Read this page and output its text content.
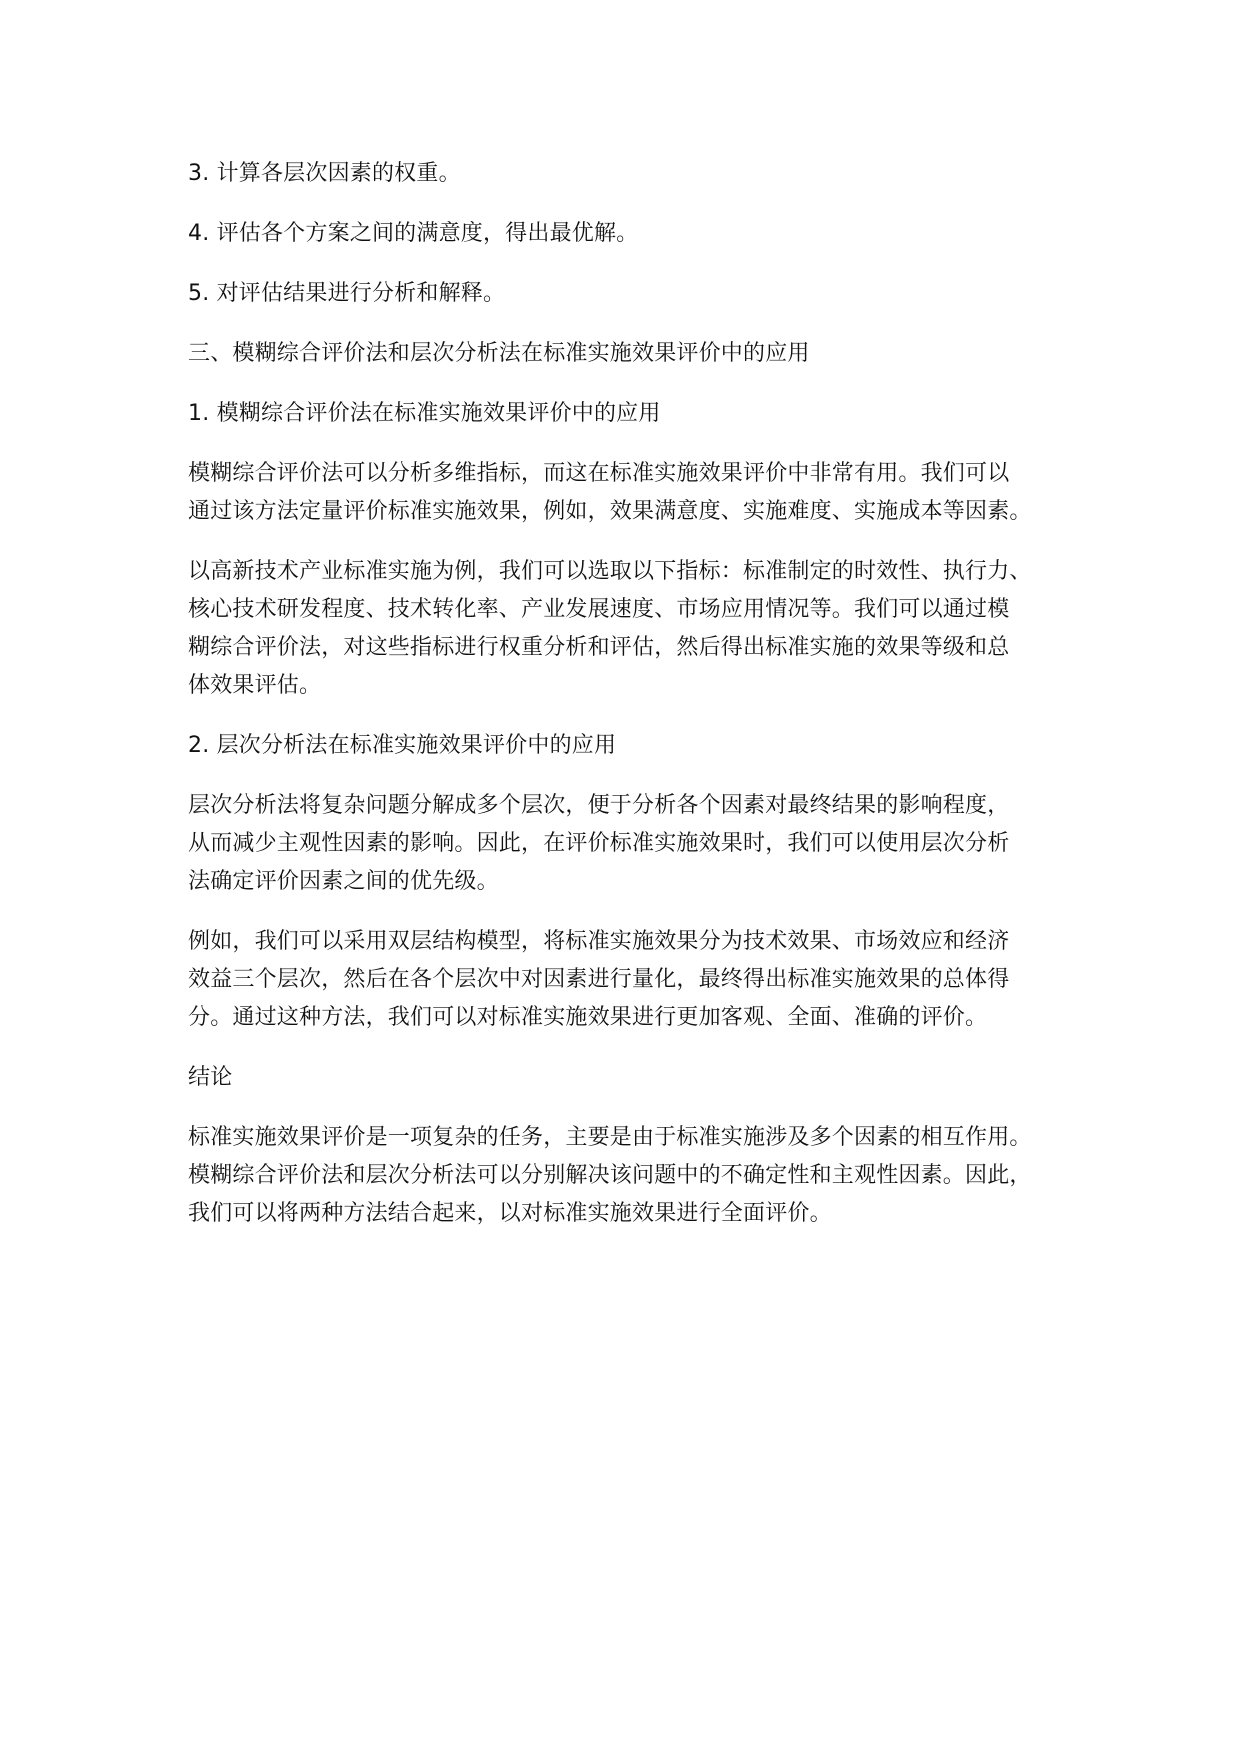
3. 计算各层次因素的权重。
4. 评估各个方案之间的满意度，得出最优解。
5. 对评估结果进行分析和解释。
三、模糊综合评价法和层次分析法在标准实施效果评价中的应用
1. 模糊综合评价法在标准实施效果评价中的应用
模糊综合评价法可以分析多维指标，而这在标准实施效果评价中非常有用。我们可以
通过该方法定量评价标准实施效果，例如，效果满意度、实施难度、实施成本等因素。
以高新技术产业标准实施为例，我们可以选取以下指标：标准制定的时效性、执行力、
核心技术研发程度、技术转化率、产业发展速度、市场应用情况等。我们可以通过模
糊综合评价法，对这些指标进行权重分析和评估，然后得出标准实施的效果等级和总
体效果评估。
2. 层次分析法在标准实施效果评价中的应用
层次分析法将复杂问题分解成多个层次，便于分析各个因素对最终结果的影响程度，
从而减少主观性因素的影响。因此，在评价标准实施效果时，我们可以使用层次分析
法确定评价因素之间的优先级。
例如，我们可以采用双层结构模型，将标准实施效果分为技术效果、市场效应和经济
效益三个层次，然后在各个层次中对因素进行量化，最终得出标准实施效果的总体得
分。通过这种方法，我们可以对标准实施效果进行更加客观、全面、准确的评价。
结论
标准实施效果评价是一项复杂的任务，主要是由于标准实施涉及多个因素的相互作用。
模糊综合评价法和层次分析法可以分别解决该问题中的不确定性和主观性因素。因此，
我们可以将两种方法结合起来，以对标准实施效果进行全面评价。
